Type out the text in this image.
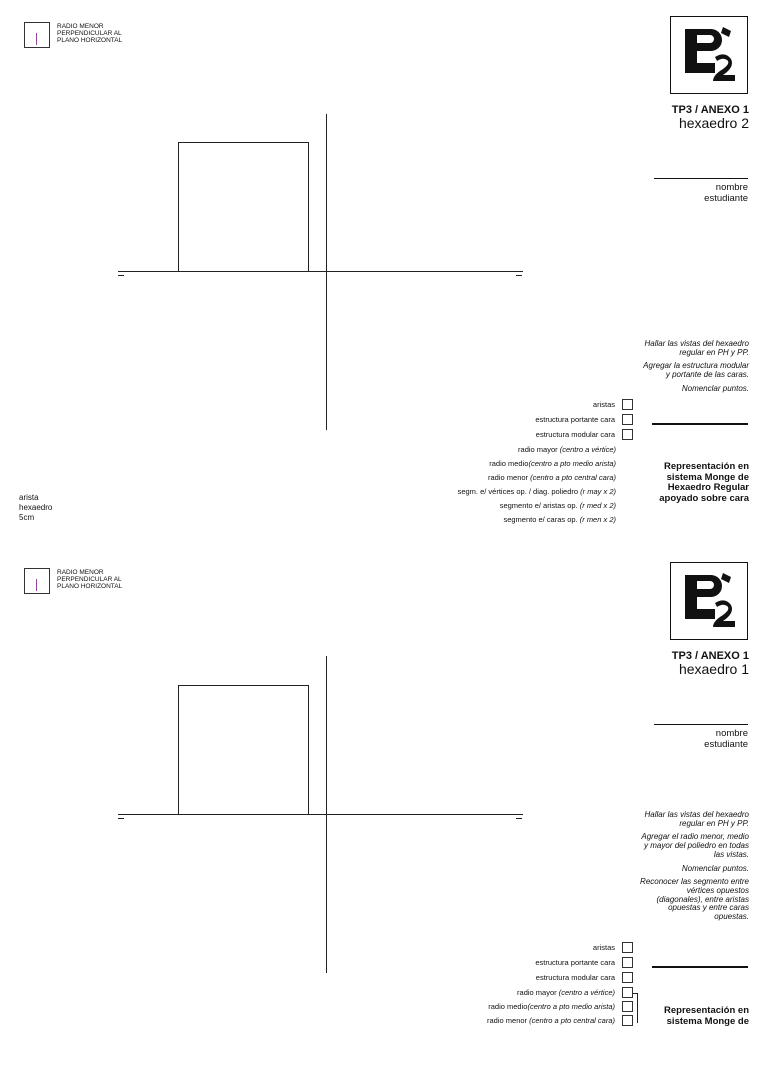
RADIO MENOR
PERPENDICULAR AL
PLANO HORIZONTAL
TP3 / ANEXO 1
hexaedro 2
nombre
estudiante

Hallar las vistas del hexaedro regular en PH y PP.

Agregar la estructura modular y portante de las caras.

Nomenclar puntos.

aristas
estructura portante cara
estructura modular cara
radio mayor (centro a vértice)
radio medio(centro a pto medio arista)
radio menor (centro a pto central cara)
segm. e/ vértices op. / diag. poliedro (r may x 2)
segmento e/ aristas op. (r med x 2)
segmento e/ caras op. (r men x 2)
Representación en sistema Monge de Hexaedro Regular apoyado sobre cara
arista
hexaedro
5cm
RADIO MENOR
PERPENDICULAR AL
PLANO HORIZONTAL
TP3 / ANEXO 1
hexaedro 1
nombre
estudiante

Hallar las vistas del hexaedro regular en PH y PP.

Agregar el radio menor, medio y mayor del poliedro en todas las vistas.

Nomenclar puntos.

Reconocer las segmento entre vértices opuestos (diagonales), entre aristas opuestas y entre caras opuestas.

aristas
estructura portante cara
estructura modular cara
radio mayor (centro a vértice)
radio medio(centro a pto medio arista)
radio menor (centro a pto central cara)
Representación en sistema Monge de
